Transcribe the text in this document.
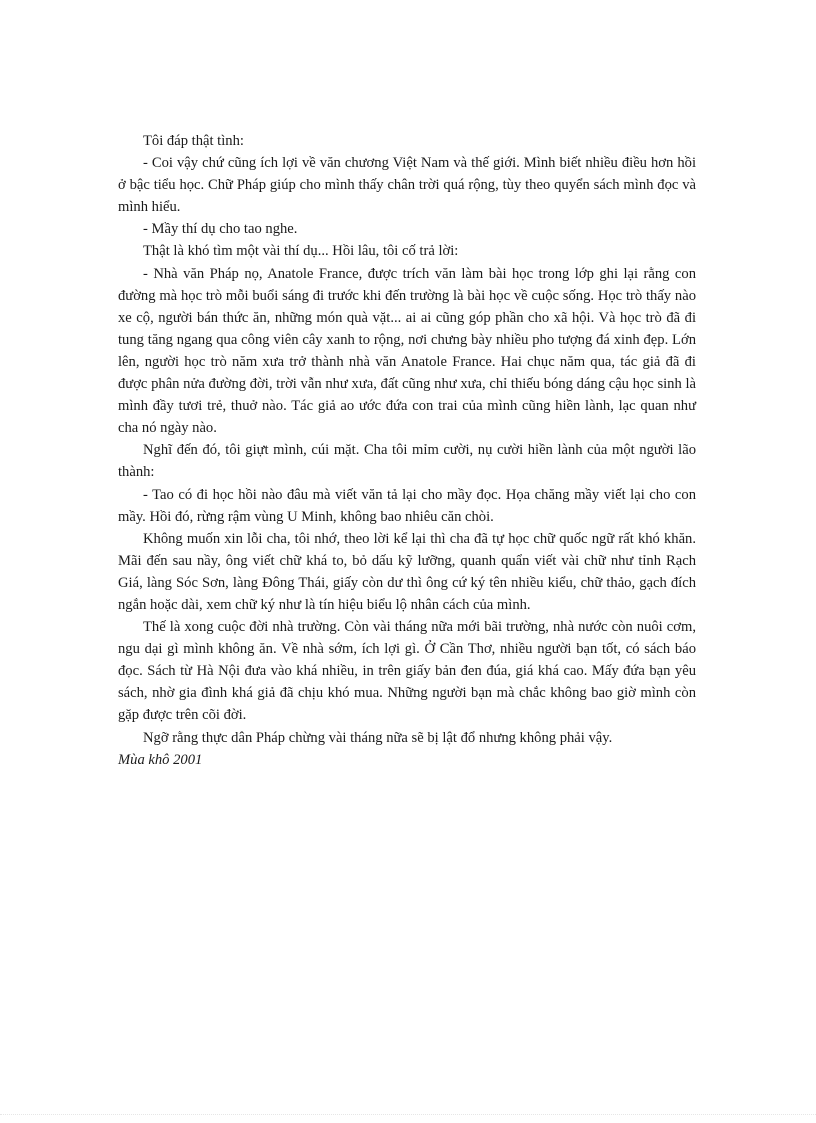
Tôi đáp thật tình:

- Coi vậy chứ cũng ích lợi về văn chương Việt Nam và thế giới. Mình biết nhiều điều hơn hồi ở bậc tiểu học. Chữ Pháp giúp cho mình thấy chân trời quá rộng, tùy theo quyển sách mình đọc và mình hiểu.

- Mầy thí dụ cho tao nghe.

Thật là khó tìm một vài thí dụ... Hồi lâu, tôi cố trả lời:

- Nhà văn Pháp nọ, Anatole France, được trích văn làm bài học trong lớp ghi lại rằng con đường mà học trò mỗi buổi sáng đi trước khi đến trường là bài học về cuộc sống. Học trò thấy nào xe cộ, người bán thức ăn, những món quà vặt... ai ai cũng góp phần cho xã hội. Và học trò đã đi tung tăng ngang qua công viên cây xanh to rộng, nơi chưng bày nhiều pho tượng đá xinh đẹp. Lớn lên, người học trò năm xưa trở thành nhà văn Anatole France. Hai chục năm qua, tác giả đã đi được phân nửa đường đời, trời vẫn như xưa, đất cũng như xưa, chỉ thiếu bóng dáng cậu học sinh là mình đầy tươi trẻ, thuở nào. Tác giả ao ước đứa con trai của mình cũng hiền lành, lạc quan như cha nó ngày nào.

Nghĩ đến đó, tôi giựt mình, cúi mặt. Cha tôi mỉm cười, nụ cười hiền lành của một người lão thành:

- Tao có đi học hồi nào đâu mà viết văn tả lại cho mầy đọc. Họa chăng mầy viết lại cho con mầy. Hồi đó, rừng rậm vùng U Minh, không bao nhiêu căn chòi.

Không muốn xin lỗi cha, tôi nhớ, theo lời kể lại thì cha đã tự học chữ quốc ngữ rất khó khăn. Mãi đến sau nầy, ông viết chữ khá to, bỏ dấu kỹ lưỡng, quanh quẩn viết vài chữ như tỉnh Rạch Giá, làng Sóc Sơn, làng Đông Thái, giấy còn dư thì ông cứ ký tên nhiều kiểu, chữ thảo, gạch đích ngắn hoặc dài, xem chữ ký như là tín hiệu biểu lộ nhân cách của mình.

Thế là xong cuộc đời nhà trường. Còn vài tháng nữa mới bãi trường, nhà nước còn nuôi cơm, ngu dại gì mình không ăn. Về nhà sớm, ích lợi gì. Ở Cần Thơ, nhiều người bạn tốt, có sách báo đọc. Sách từ Hà Nội đưa vào khá nhiều, in trên giấy bản đen đúa, giá khá cao. Mấy đứa bạn yêu sách, nhờ gia đình khá giả đã chịu khó mua. Những người bạn mà chắc không bao giờ mình còn gặp được trên cõi đời.

Ngỡ rằng thực dân Pháp chừng vài tháng nữa sẽ bị lật đổ nhưng không phải vậy.

Mùa khô 2001
